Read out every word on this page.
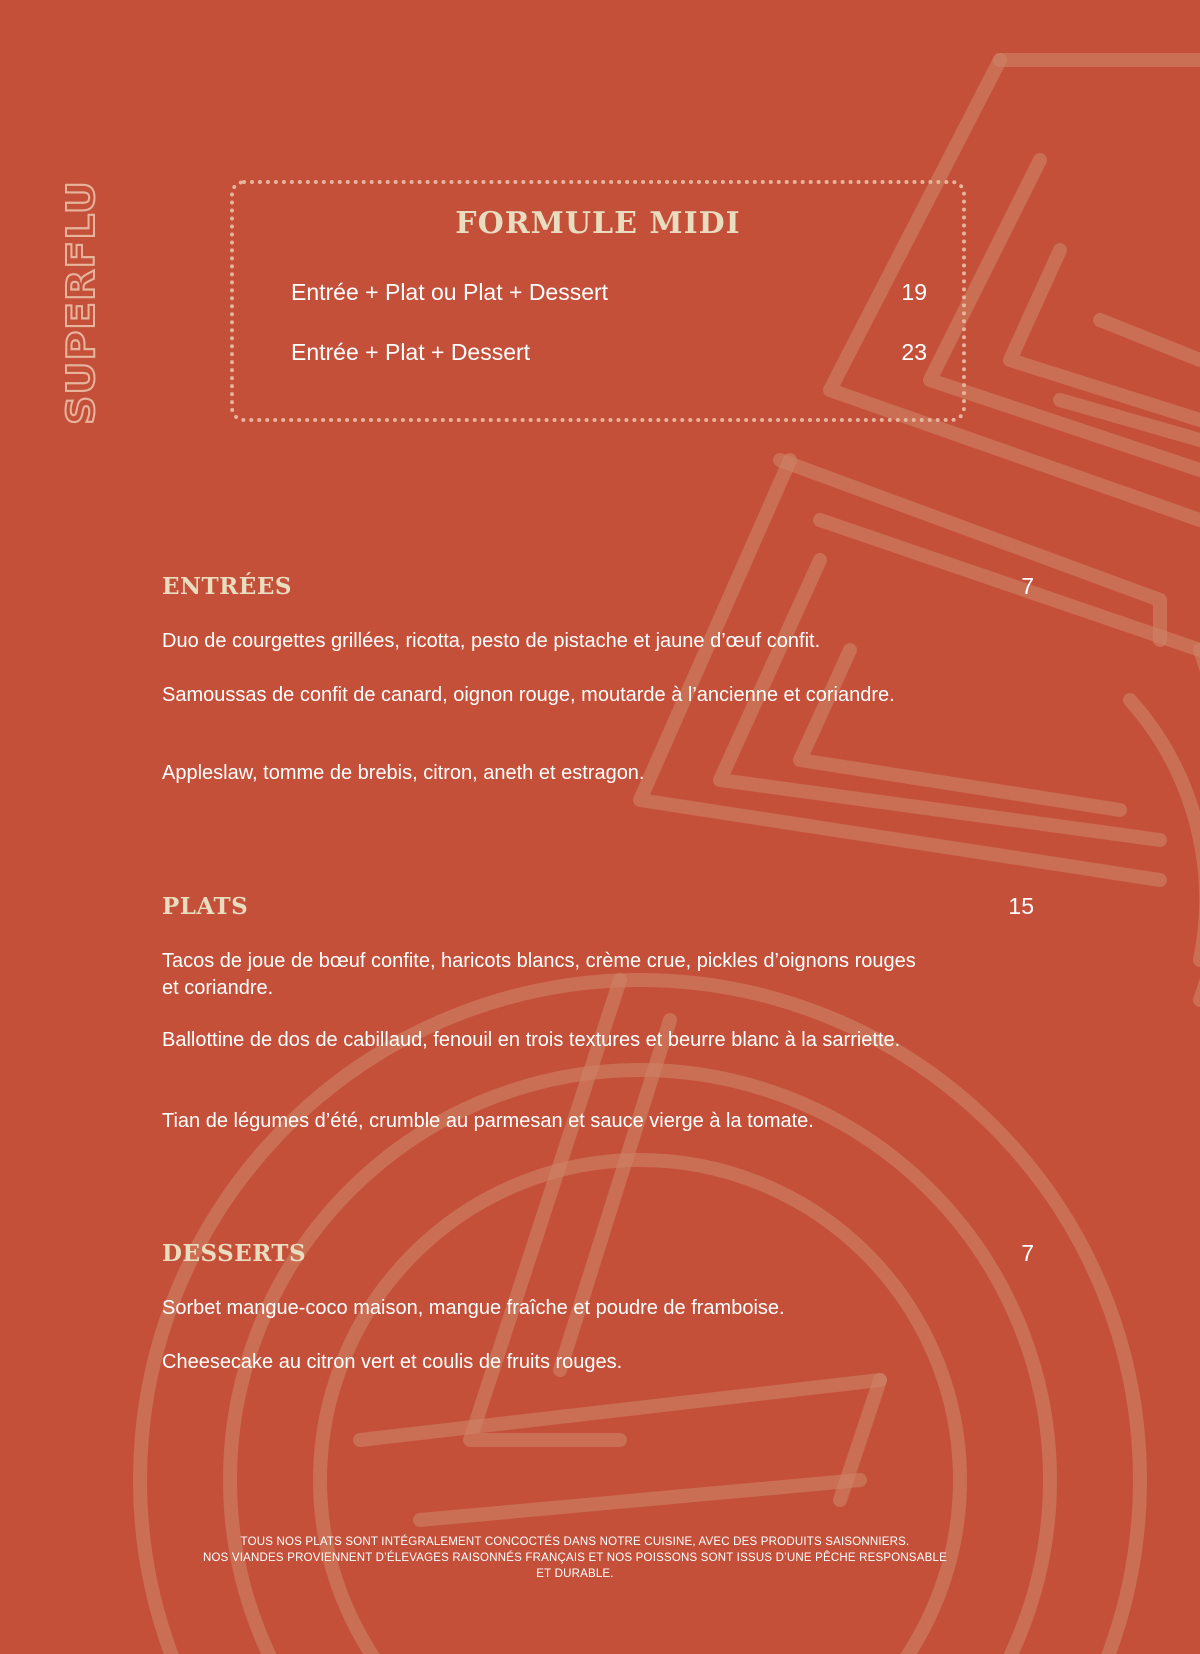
SUPERFLU	FORMULE MIDI
Entrée + Plat ou Plat + Dessert	19
Entrée + Plat + Dessert	23
ENTRÉES	7

Duo de courgettes grillées, ricotta, pesto de pistache et jaune d’œuf confit.

Samoussas de confit de canard, oignon rouge, moutarde à l’ancienne et coriandre.

Appleslaw, tomme de brebis, citron, aneth et estragon.

PLATS	15

Tacos de joue de bœuf confite, haricots blancs, crème crue, pickles d’oignons rouges et coriandre.

Ballottine de dos de cabillaud, fenouil en trois textures et beurre blanc à la sarriette.

Tian de légumes d’été, crumble au parmesan et sauce vierge à la tomate.

DESSERTS	7

Sorbet mangue-coco maison, mangue fraîche et poudre de framboise.

Cheesecake au citron vert et coulis de fruits rouges.

TOUS NOS PLATS SONT INTÉGRALEMENT CONCOCTÉS DANS NOTRE CUISINE, AVEC DES PRODUITS SAISONNIERS.
NOS VIANDES PROVIENNENT D’ÉLEVAGES RAISONNÉS FRANÇAIS ET NOS POISSONS SONT ISSUS D’UNE PÊCHE RESPONSABLE
ET DURABLE.
